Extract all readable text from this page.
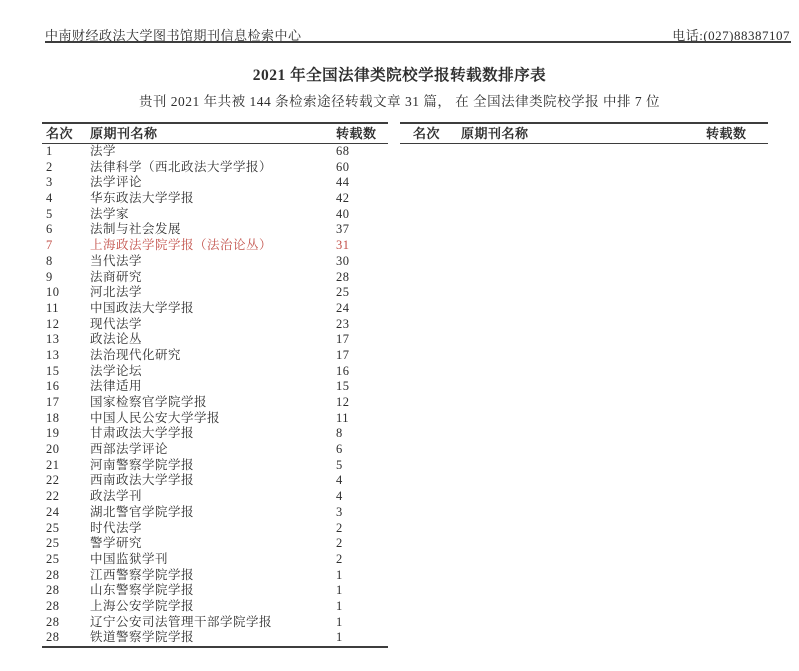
中南财经政法大学图书馆期刊信息检索中心	电话:(027)88387107
2021 年全国法律类院校学报转载数排序表
贵刊 2021 年共被 144 条检索途径转载文章 31 篇， 在 全国法律类院校学报 中排 7 位
名次	原期刊名称	转载数
1	法学	68
2	法律科学（西北政法大学学报）	60
3	法学评论	44
4	华东政法大学学报	42
5	法学家	40
6	法制与社会发展	37
7	上海政法学院学报（法治论丛）	31
8	当代法学	30
9	法商研究	28
10	河北法学	25
11	中国政法大学学报	24
12	现代法学	23
13	政法论丛	17
13	法治现代化研究	17
15	法学论坛	16
16	法律适用	15
17	国家检察官学院学报	12
18	中国人民公安大学学报	11
19	甘肃政法大学学报	8
20	西部法学评论	6
21	河南警察学院学报	5
22	西南政法大学学报	4
22	政法学刊	4
24	湖北警官学院学报	3
25	时代法学	2
25	警学研究	2
25	中国监狱学刊	2
28	江西警察学院学报	1
28	山东警察学院学报	1
28	上海公安学院学报	1
28	辽宁公安司法管理干部学院学报	1
28	铁道警察学院学报	1
名次	原期刊名称	转载数
